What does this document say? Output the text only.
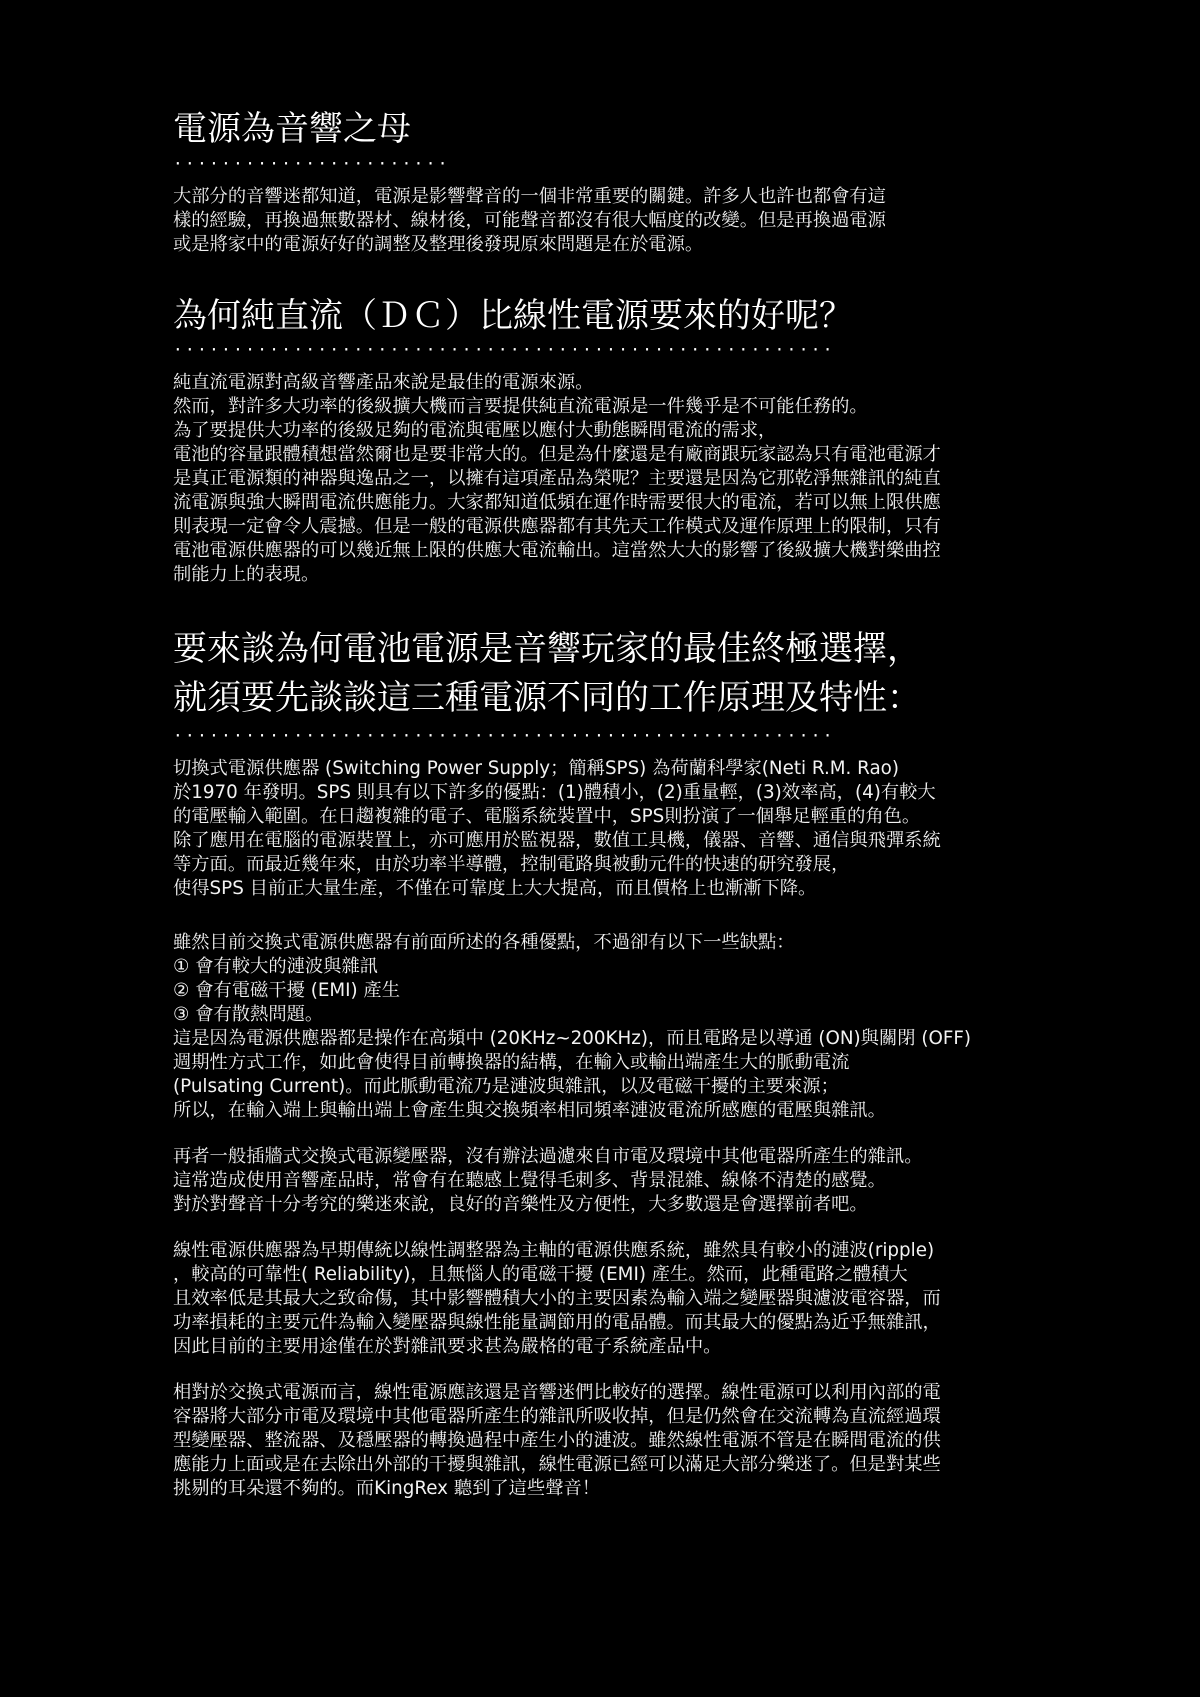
電源為音響之母
·······················

大部分的音響迷都知道，電源是影響聲音的一個非常重要的關鍵。許多人也許也都會有這
樣的經驗，再換過無數器材、線材後，可能聲音都沒有很大幅度的改變。但是再換過電源
或是將家中的電源好好的調整及整理後發現原來問題是在於電源。

為何純直流（ＤＣ）比線性電源要來的好呢？
·······················································

純直流電源對高級音響產品來說是最佳的電源來源。
然而，對許多大功率的後級擴大機而言要提供純直流電源是一件幾乎是不可能任務的。
為了要提供大功率的後級足夠的電流與電壓以應付大動態瞬間電流的需求，
電池的容量跟體積想當然爾也是要非常大的。但是為什麼還是有廠商跟玩家認為只有電池電源才
是真正電源類的神器與逸品之一，以擁有這項產品為榮呢？主要還是因為它那乾淨無雜訊的純直
流電源與強大瞬間電流供應能力。大家都知道低頻在運作時需要很大的電流，若可以無上限供應
則表現一定會令人震撼。但是一般的電源供應器都有其先天工作模式及運作原理上的限制，只有
電池電源供應器的可以幾近無上限的供應大電流輸出。這當然大大的影響了後級擴大機對樂曲控
制能力上的表現。

要來談為何電池電源是音響玩家的最佳終極選擇，
就須要先談談這三種電源不同的工作原理及特性：
·······················································

切換式電源供應器 (Switching Power Supply；簡稱SPS) 為荷蘭科學家(Neti R.M. Rao)
於1970 年發明。SPS 則具有以下許多的優點：(1)體積小，(2)重量輕，(3)效率高，(4)有較大
的電壓輸入範圍。在日趨複雜的電子、電腦系統裝置中，SPS則扮演了一個舉足輕重的角色。
除了應用在電腦的電源裝置上，亦可應用於監視器，數值工具機，儀器、音響、通信與飛彈系統
等方面。而最近幾年來，由於功率半導體，控制電路與被動元件的快速的研究發展，
使得SPS 目前正大量生產，不僅在可靠度上大大提高，而且價格上也漸漸下降。

雖然目前交換式電源供應器有前面所述的各種優點，不過卻有以下一些缺點：
① 會有較大的漣波與雜訊
② 會有電磁干擾 (EMI) 產生
③ 會有散熱問題。
這是因為電源供應器都是操作在高頻中 (20KHz~200KHz)，而且電路是以導通 (ON)與關閉 (OFF)
週期性方式工作，如此會使得目前轉換器的結構，在輸入或輸出端產生大的脈動電流
(Pulsating Current)。而此脈動電流乃是漣波與雜訊，以及電磁干擾的主要來源；
所以，在輸入端上與輸出端上會產生與交換頻率相同頻率漣波電流所感應的電壓與雜訊。

再者一般插牆式交換式電源變壓器，沒有辦法過濾來自市電及環境中其他電器所產生的雜訊。
這常造成使用音響產品時，常會有在聽感上覺得毛刺多、背景混雜、線條不清楚的感覺。
對於對聲音十分考究的樂迷來說，良好的音樂性及方便性，大多數還是會選擇前者吧。

線性電源供應器為早期傳統以線性調整器為主軸的電源供應系統，雖然具有較小的漣波(ripple)
，較高的可靠性( Reliability)，且無惱人的電磁干擾 (EMI) 產生。然而，此種電路之體積大
且效率低是其最大之致命傷，其中影響體積大小的主要因素為輸入端之變壓器與濾波電容器，而
功率損耗的主要元件為輸入變壓器與線性能量調節用的電晶體。而其最大的優點為近乎無雜訊，
因此目前的主要用途僅在於對雜訊要求甚為嚴格的電子系統產品中。

相對於交換式電源而言，線性電源應該還是音響迷們比較好的選擇。線性電源可以利用內部的電
容器將大部分市電及環境中其他電器所產生的雜訊所吸收掉，但是仍然會在交流轉為直流經過環
型變壓器、整流器、及穩壓器的轉換過程中產生小的漣波。雖然線性電源不管是在瞬間電流的供
應能力上面或是在去除出外部的干擾與雜訊，線性電源已經可以滿足大部分樂迷了。但是對某些
挑剔的耳朵還不夠的。而KingRex 聽到了這些聲音！
